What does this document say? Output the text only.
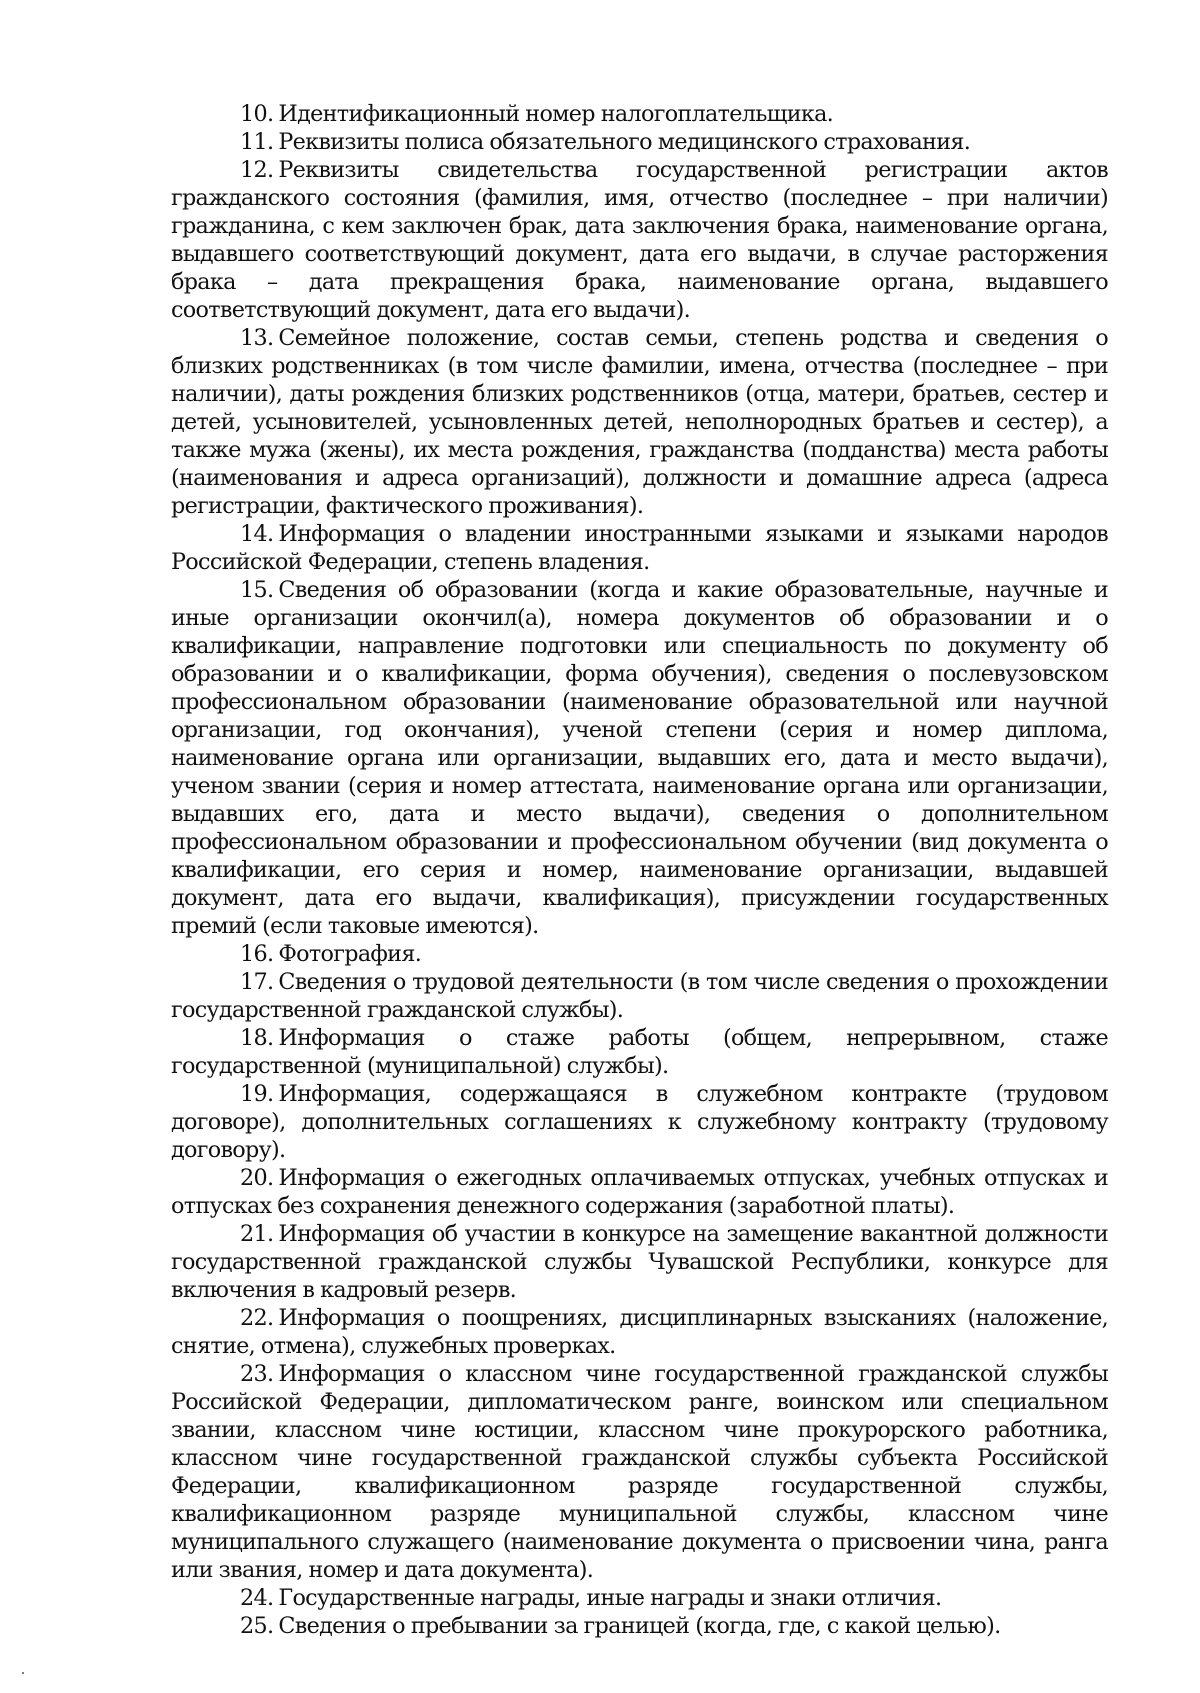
10. Идентификационный номер налогоплательщика.

11. Реквизиты полиса обязательного медицинского страхования.

12. Реквизиты свидетельства государственной регистрации актов гражданского состояния (фамилия, имя, отчество (последнее – при наличии) гражданина, с кем заключен брак, дата заключения брака, наименование органа, выдавшего соответствующий документ, дата его выдачи, в случае расторжения брака – дата прекращения брака, наименование органа, выдавшего соответствующий документ, дата его выдачи).

13. Семейное положение, состав семьи, степень родства и сведения о близких родственниках (в том числе фамилии, имена, отчества (последнее – при наличии), даты рождения близких родственников (отца, матери, братьев, сестер и детей, усыновителей, усыновленных детей, неполнородных братьев и сестер), а также мужа (жены), их места рождения, гражданства (подданства) места работы (наименования и адреса организаций), должности и домашние адреса (адреса регистрации, фактического проживания).

14. Информация о владении иностранными языками и языками народов Российской Федерации, степень владения.

15. Сведения об образовании (когда и какие образовательные, научные и иные организации окончил(а), номера документов об образовании и о квалификации, направление подготовки или специальность по документу об образовании и о квалификации, форма обучения), сведения о послевузовском профессиональном образовании (наименование образовательной или научной организации, год окончания), ученой степени (серия и номер диплома, наименование органа или организации, выдавших его, дата и место выдачи), ученом звании (серия и номер аттестата, наименование органа или организации, выдавших его, дата и место выдачи), сведения о дополнительном профессиональном образовании и профессиональном обучении (вид документа о квалификации, его серия и номер, наименование организации, выдавшей документ, дата его выдачи, квалификация), присуждении государственных премий (если таковые имеются).

16. Фотография.

17. Сведения о трудовой деятельности (в том числе сведения о прохождении государственной гражданской службы).

18. Информация о стаже работы (общем, непрерывном, стаже государственной (муниципальной) службы).

19. Информация, содержащаяся в служебном контракте (трудовом договоре), дополнительных соглашениях к служебному контракту (трудовому договору).

20. Информация о ежегодных оплачиваемых отпусках, учебных отпусках и отпусках без сохранения денежного содержания (заработной платы).

21. Информация об участии в конкурсе на замещение вакантной должности государственной гражданской службы Чувашской Республики, конкурсе для включения в кадровый резерв.

22. Информация о поощрениях, дисциплинарных взысканиях (наложение, снятие, отмена), служебных проверках.

23. Информация о классном чине государственной гражданской службы Российской Федерации, дипломатическом ранге, воинском или специальном звании, классном чине юстиции, классном чине прокурорского работника, классном чине государственной гражданской службы субъекта Российской Федерации, квалификационном разряде государственной службы, квалификационном разряде муниципальной службы, классном чине муниципального служащего (наименование документа о присвоении чина, ранга или звания, номер и дата документа).

24. Государственные награды, иные награды и знаки отличия.

25. Сведения о пребывании за границей (когда, где, с какой целью).
